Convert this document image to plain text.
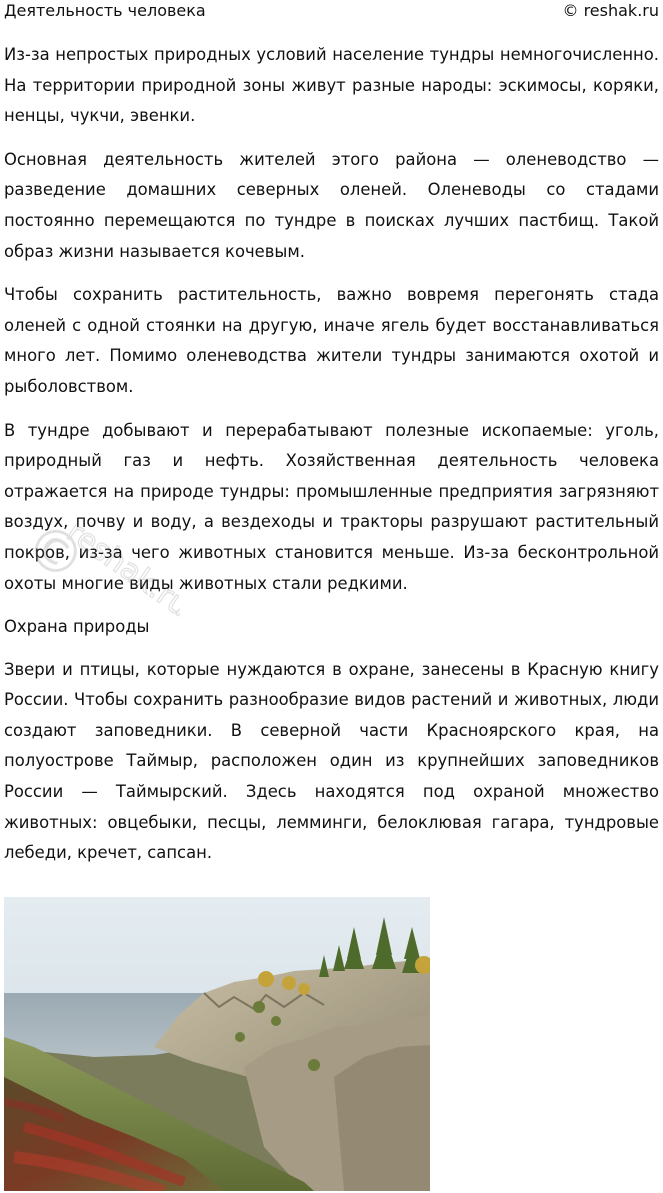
Деятельность человека	© reshak.ru

Из-за непростых природных условий население тундры немногочисленно. На территории природной зоны живут разные народы: эскимосы, коряки, ненцы, чукчи, эвенки.

Основная деятельность жителей этого района — оленеводство — разведение домашних северных оленей. Оленеводы со стадами постоянно перемещаются по тундре в поисках лучших пастбищ. Такой образ жизни называется кочевым.

Чтобы сохранить растительность, важно вовремя перегонять стада оленей с одной стоянки на другую, иначе ягель будет восстанавливаться много лет. Помимо оленеводства жители тундры занимаются охотой и рыболовством.

В тундре добывают и перерабатывают полезные ископаемые: уголь, природный газ и нефть. Хозяйственная деятельность человека отражается на природе тундры: промышленные предприятия загрязняют воздух, почву и воду, а вездеходы и тракторы разрушают растительный покров, из-за чего животных становится меньше. Из-за бесконтрольной охоты многие виды животных стали редкими.

Охрана природы

Звери и птицы, которые нуждаются в охране, занесены в Красную книгу России. Чтобы сохранить разнообразие видов растений и животных, люди создают заповедники. В северной части Красноярского края, на полуострове Таймыр, расположен один из крупнейших заповедников России — Таймырский. Здесь находятся под охраной множество животных: овцебыки, песцы, лемминги, белоклювая гагара, тундровые лебеди, кречет, сапсан.

©
reshak.ru
